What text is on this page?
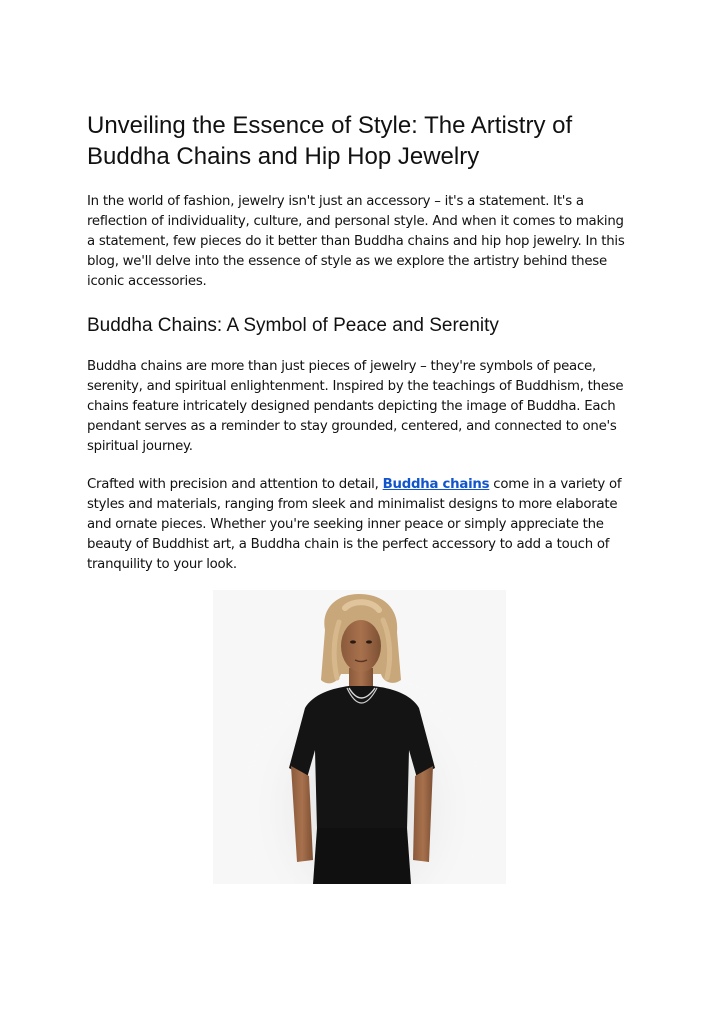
Unveiling the Essence of Style: The Artistry of Buddha Chains and Hip Hop Jewelry

In the world of fashion, jewelry isn't just an accessory – it's a statement. It's a reflection of individuality, culture, and personal style. And when it comes to making a statement, few pieces do it better than Buddha chains and hip hop jewelry. In this blog, we'll delve into the essence of style as we explore the artistry behind these iconic accessories.

Buddha Chains: A Symbol of Peace and Serenity

Buddha chains are more than just pieces of jewelry – they're symbols of peace, serenity, and spiritual enlightenment. Inspired by the teachings of Buddhism, these chains feature intricately designed pendants depicting the image of Buddha. Each pendant serves as a reminder to stay grounded, centered, and connected to one's spiritual journey.

Crafted with precision and attention to detail, Buddha chains come in a variety of styles and materials, ranging from sleek and minimalist designs to more elaborate and ornate pieces. Whether you're seeking inner peace or simply appreciate the beauty of Buddhist art, a Buddha chain is the perfect accessory to add a touch of tranquility to your look.
